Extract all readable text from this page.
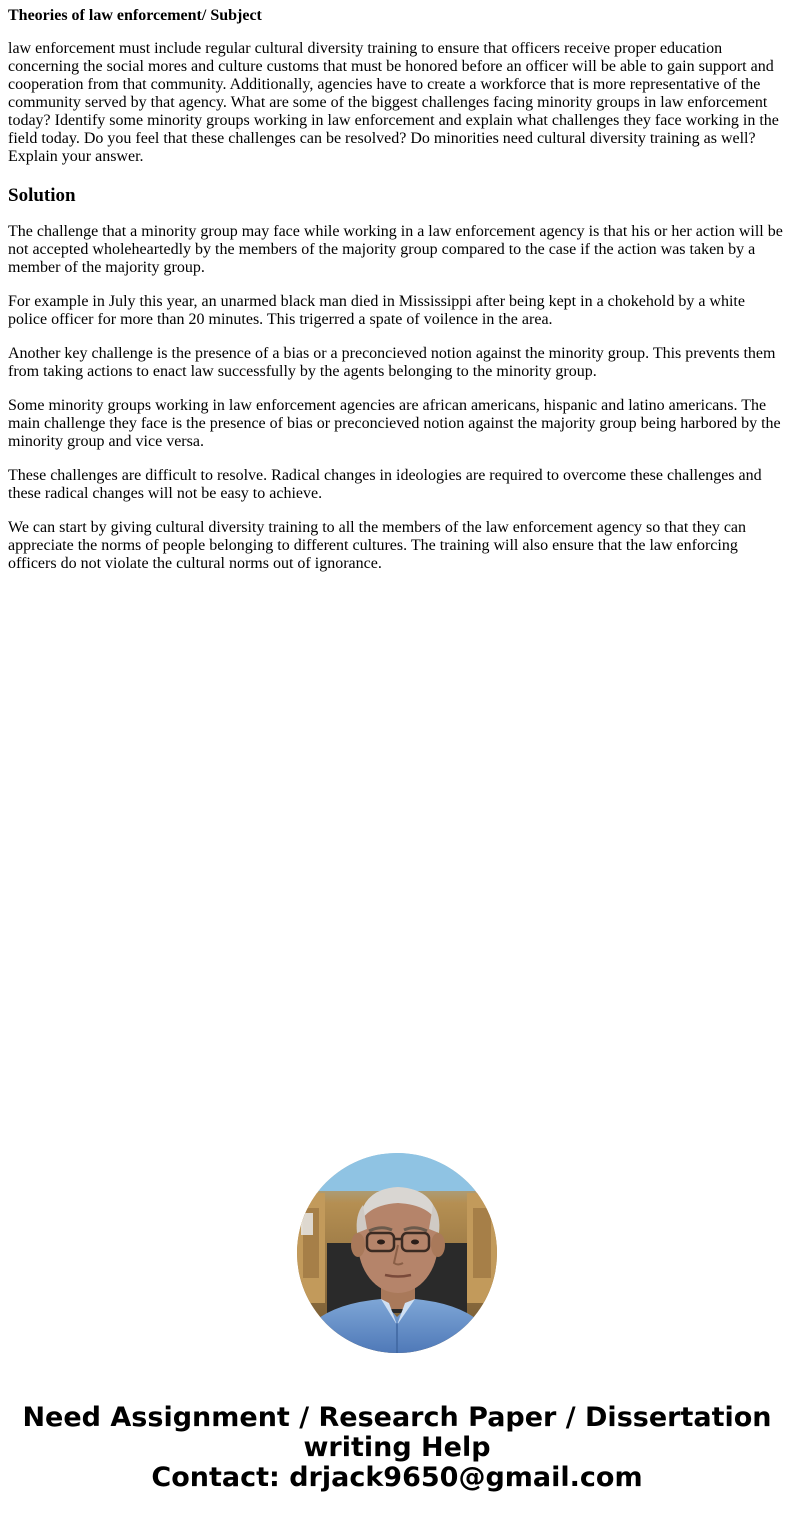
Theories of law enforcement/ Subject

law enforcement must include regular cultural diversity training to ensure that officers receive proper education concerning the social mores and culture customs that must be honored before an officer will be able to gain support and cooperation from that community. Additionally, agencies have to create a workforce that is more representative of the community served by that agency. What are some of the biggest challenges facing minority groups in law enforcement today? Identify some minority groups working in law enforcement and explain what challenges they face working in the field today. Do you feel that these challenges can be resolved? Do minorities need cultural diversity training as well? Explain your answer.

Solution

The challenge that a minority group may face while working in a law enforcement agency is that his or her action will be not accepted wholeheartedly by the members of the majority group compared to the case if the action was taken by a member of the majority group.

For example in July this year, an unarmed black man died in Mississippi after being kept in a chokehold by a white police officer for more than 20 minutes. This trigerred a spate of voilence in the area.

Another key challenge is the presence of a bias or a preconcieved notion against the minority group. This prevents them from taking actions to enact law successfully by the agents belonging to the minority group.

Some minority groups working in law enforcement agencies are african americans, hispanic and latino americans. The main challenge they face is the presence of bias or preconcieved notion against the majority group being harbored by the minority group and vice versa.

These challenges are difficult to resolve. Radical changes in ideologies are required to overcome these challenges and these radical changes will not be easy to achieve.

We can start by giving cultural diversity training to all the members of the law enforcement agency so that they can appreciate the norms of people belonging to different cultures. The training will also ensure that the law enforcing officers do not violate the cultural norms out of ignorance.

Need Assignment / Research Paper / Dissertation
writing Help
Contact: drjack9650@gmail.com
